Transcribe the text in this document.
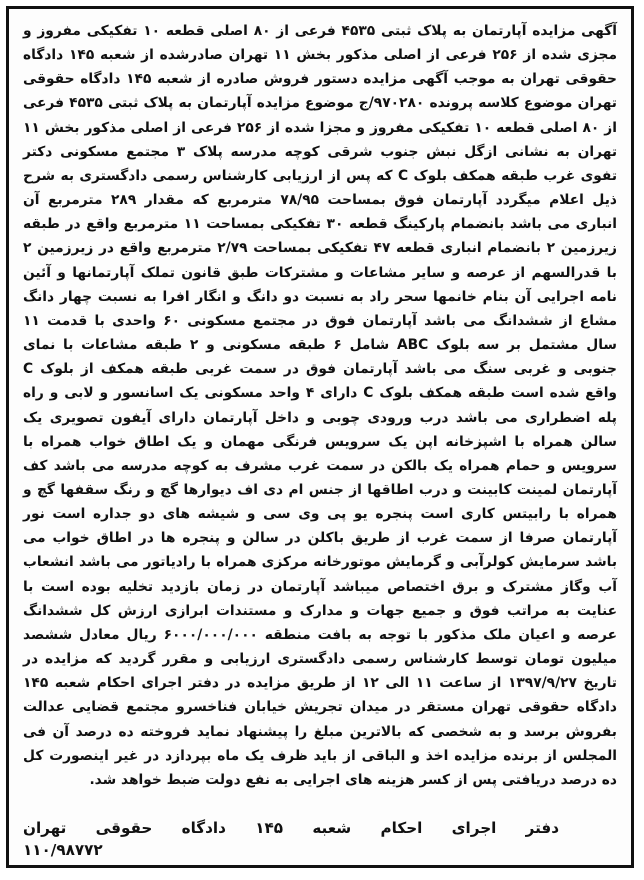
آگهی مزایده آپارتمان به پلاک ثبتی ۴۵۳۵ فرعی از ۸۰ اصلی قطعه ۱۰ تفکیکی مفروز و مجزی شده از ۲۵۶ فرعی از اصلی مذکور بخش ۱۱ تهران صادرشده از شعبه ۱۴۵ دادگاه حقوقی تهران به موجب آگهی مزایده دستور فروش صادره از شعبه ۱۴۵ دادگاه حقوقی تهران موضوع کلاسه پرونده ۹۷۰۲۸۰/ج موضوع مزایده آپارتمان به پلاک ثبتی ۴۵۳۵ فرعی از ۸۰ اصلی قطعه ۱۰ تفکیکی مفروز و مجزا شده از ۲۵۶ فرعی از اصلی مذکور بخش ۱۱ تهران به نشانی ازگل نبش جنوب شرقی کوچه مدرسه پلاک ۳ مجتمع مسکونی دکتر تفوی غرب طبقه همکف بلوک C که پس از ارزیابی کارشناس رسمی دادگستری به شرح ذیل اعلام میگردد آپارتمان فوق بمساحت ۷۸/۹۵ مترمربع که مقدار ۲۸۹ مترمربع آن انباری می باشد بانضمام پارکینگ قطعه ۳۰ تفکیکی بمساحت ۱۱ مترمربع واقع در طبقه زیرزمین ۲ بانضمام انباری قطعه ۴۷ تفکیکی بمساحت ۲/۷۹ مترمربع واقع در زیرزمین ۲ با قدرالسهم از عرصه و سایر مشاعات و مشترکات طبق قانون تملک آپارتمانها و آئین نامه اجرایی آن بنام خانمها سحر راد به نسبت دو دانگ و انگار افرا به نسبت چهار دانگ مشاع از ششدانگ می باشد آپارتمان فوق در مجتمع مسکونی ۶۰ واحدی با قدمت ۱۱ سال مشتمل بر سه بلوک ABC شامل ۶ طبقه مسکونی و ۲ طبقه مشاعات با نمای جنوبی و غربی سنگ می باشد آپارتمان فوق در سمت غربی طبقه همکف از بلوک C واقع شده است طبقه همکف بلوک C دارای ۴ واحد مسکونی یک اسانسور و لابی و راه پله اضطراری می باشد درب ورودی چوبی و داخل آپارتمان دارای آیفون تصویری یک سالن همراه با اشپزخانه اپن یک سرویس فرنگی مهمان و یک اطاق خواب همراه با سرویس و حمام همراه یک بالکن در سمت غرب مشرف به کوچه مدرسه می باشد کف آپارتمان لمینت کابینت و درب اطاقها از جنس ام دی اف دیوارها گچ و رنگ سقفها گچ و همراه با رابیتس کاری است پنجره یو پی وی سی و شیشه های دو جداره است نور آپارتمان صرفا از سمت غرب از طریق باکلن در سالن و پنجره ها در اطاق خواب می باشد سرمایش کولرآبی و گرمایش موتورخانه مرکزی همراه با رادیاتور می باشد انشعاب آب وگاز مشترک و برق اختصاص میباشد آپارتمان در زمان بازدید تخلیه بوده است با عنایت به مراتب فوق و جمیع جهات و مدارک و مستندات ابرازی ارزش کل ششدانگ عرصه و اعیان ملک مذکور با توجه به بافت منطقه ۶۰۰۰/۰۰۰/۰۰۰ ریال معادل ششصد میلیون تومان توسط کارشناس رسمی دادگستری ارزیابی و مقرر گردید که مزایده در تاریخ ۱۳۹۷/۹/۲۷ از ساعت ۱۱ الی ۱۲ از طریق مزایده در دفتر اجرای احکام شعبه ۱۴۵ دادگاه حقوقی تهران مستقر در میدان تجریش خیابان فناخسرو مجتمع قضایی عدالت بفروش برسد و به شخصی که بالاترین مبلغ را پیشنهاد نماید فروخته ده درصد آن فی المجلس از برنده مزایده اخذ و الباقی از باید ظرف یک ماه بپردازد در غیر اینصورت کل ده درصد دریافتی پس از کسر هزینه های اجرایی به نفع دولت ضبط خواهد شد.

دفتر اجرای احکام شعبه ۱۴۵ دادگاه حقوقی تهران
۱۱۰/۹۸۷۷۲
